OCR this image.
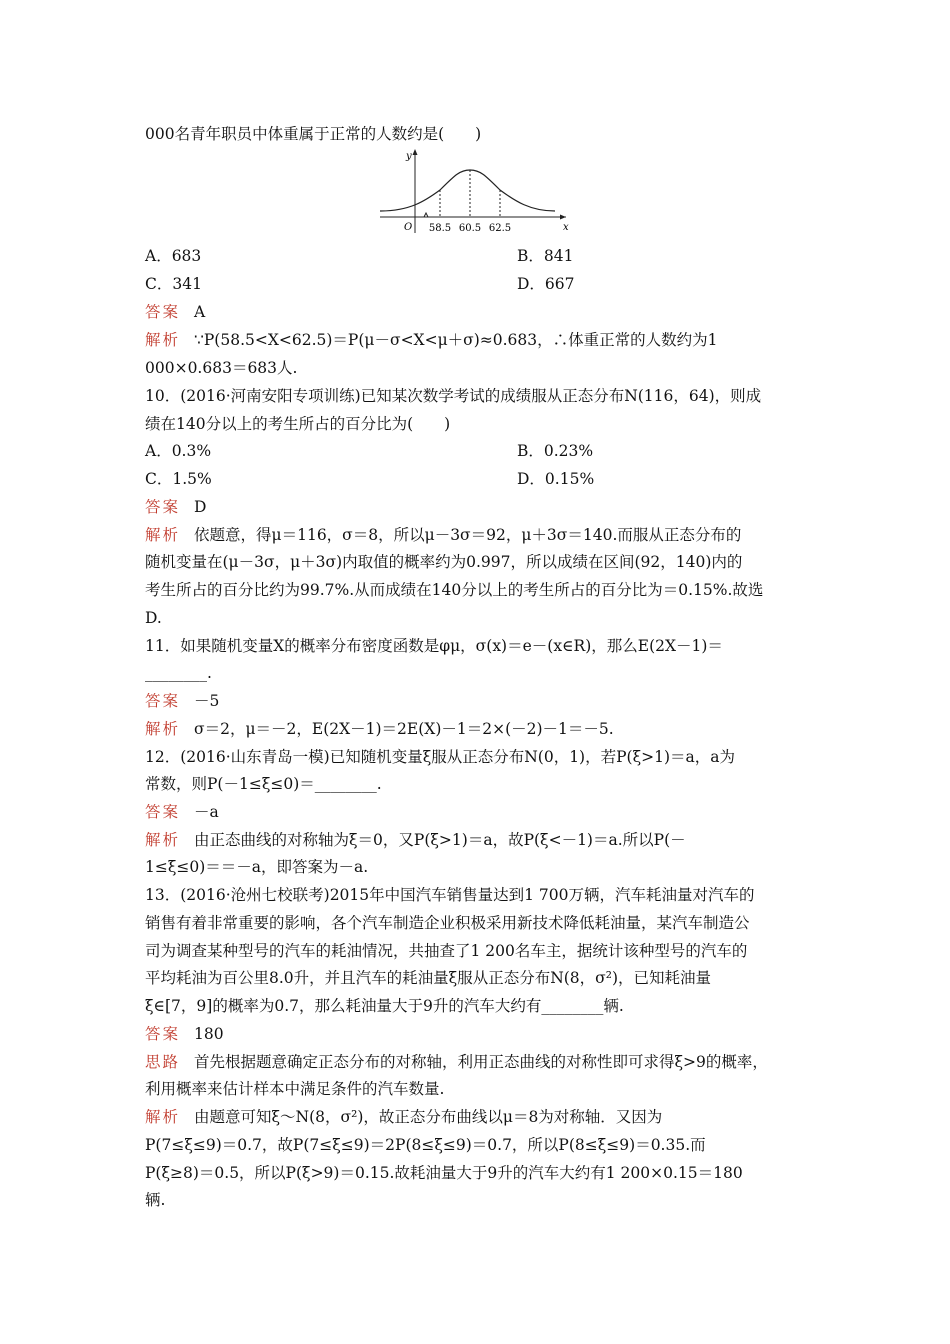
000名青年职员中体重属于正常的人数约是(　　)
y
O	x
58.5 60.5 62.5
A．683	B．841
C．341	D．667
答案 A
解析 ∵P(58.5<X<62.5)＝P(μ－σ<X<μ＋σ)≈0.683，∴体重正常的人数约为1
000×0.683＝683人.
10．(2016·河南安阳专项训练)已知某次数学考试的成绩服从正态分布N(116，64)，则成
绩在140分以上的考生所占的百分比为(　　)
A．0.3%	B．0.23%
C．1.5%	D．0.15%
答案 D
解析 依题意，得μ＝116，σ＝8，所以μ－3σ＝92，μ＋3σ＝140.而服从正态分布的
随机变量在(μ－3σ，μ＋3σ)内取值的概率约为0.997，所以成绩在区间(92，140)内的
考生所占的百分比约为99.7%.从而成绩在140分以上的考生所占的百分比为＝0.15%.故选
D.
11．如果随机变量X的概率分布密度函数是φμ，σ(x)＝e－(x∈R)，那么E(2X－1)＝
________.
答案 －5
解析 σ＝2，μ＝－2，E(2X－1)＝2E(X)－1＝2×(－2)－1＝－5.
12．(2016·山东青岛一模)已知随机变量ξ服从正态分布N(0，1)，若P(ξ>1)＝a，a为
常数，则P(－1≤ξ≤0)＝________.
答案 －a
解析 由正态曲线的对称轴为ξ＝0，又P(ξ>1)＝a，故P(ξ<－1)＝a.所以P(－
1≤ξ≤0)＝＝－a，即答案为－a.
13．(2016·沧州七校联考)2015年中国汽车销售量达到1 700万辆，汽车耗油量对汽车的
销售有着非常重要的影响，各个汽车制造企业积极采用新技术降低耗油量，某汽车制造公
司为调查某种型号的汽车的耗油情况，共抽查了1 200名车主，据统计该种型号的汽车的
平均耗油为百公里8.0升，并且汽车的耗油量ξ服从正态分布N(8，σ²)，已知耗油量
ξ∈[7，9]的概率为0.7，那么耗油量大于9升的汽车大约有________辆.
答案 180
思路 首先根据题意确定正态分布的对称轴，利用正态曲线的对称性即可求得ξ>9的概率，
利用概率来估计样本中满足条件的汽车数量.
解析 由题意可知ξ～N(8，σ²)，故正态分布曲线以μ＝8为对称轴．又因为
P(7≤ξ≤9)＝0.7，故P(7≤ξ≤9)＝2P(8≤ξ≤9)＝0.7，所以P(8≤ξ≤9)＝0.35.而
P(ξ≥8)＝0.5，所以P(ξ>9)＝0.15.故耗油量大于9升的汽车大约有1 200×0.15＝180
辆.
